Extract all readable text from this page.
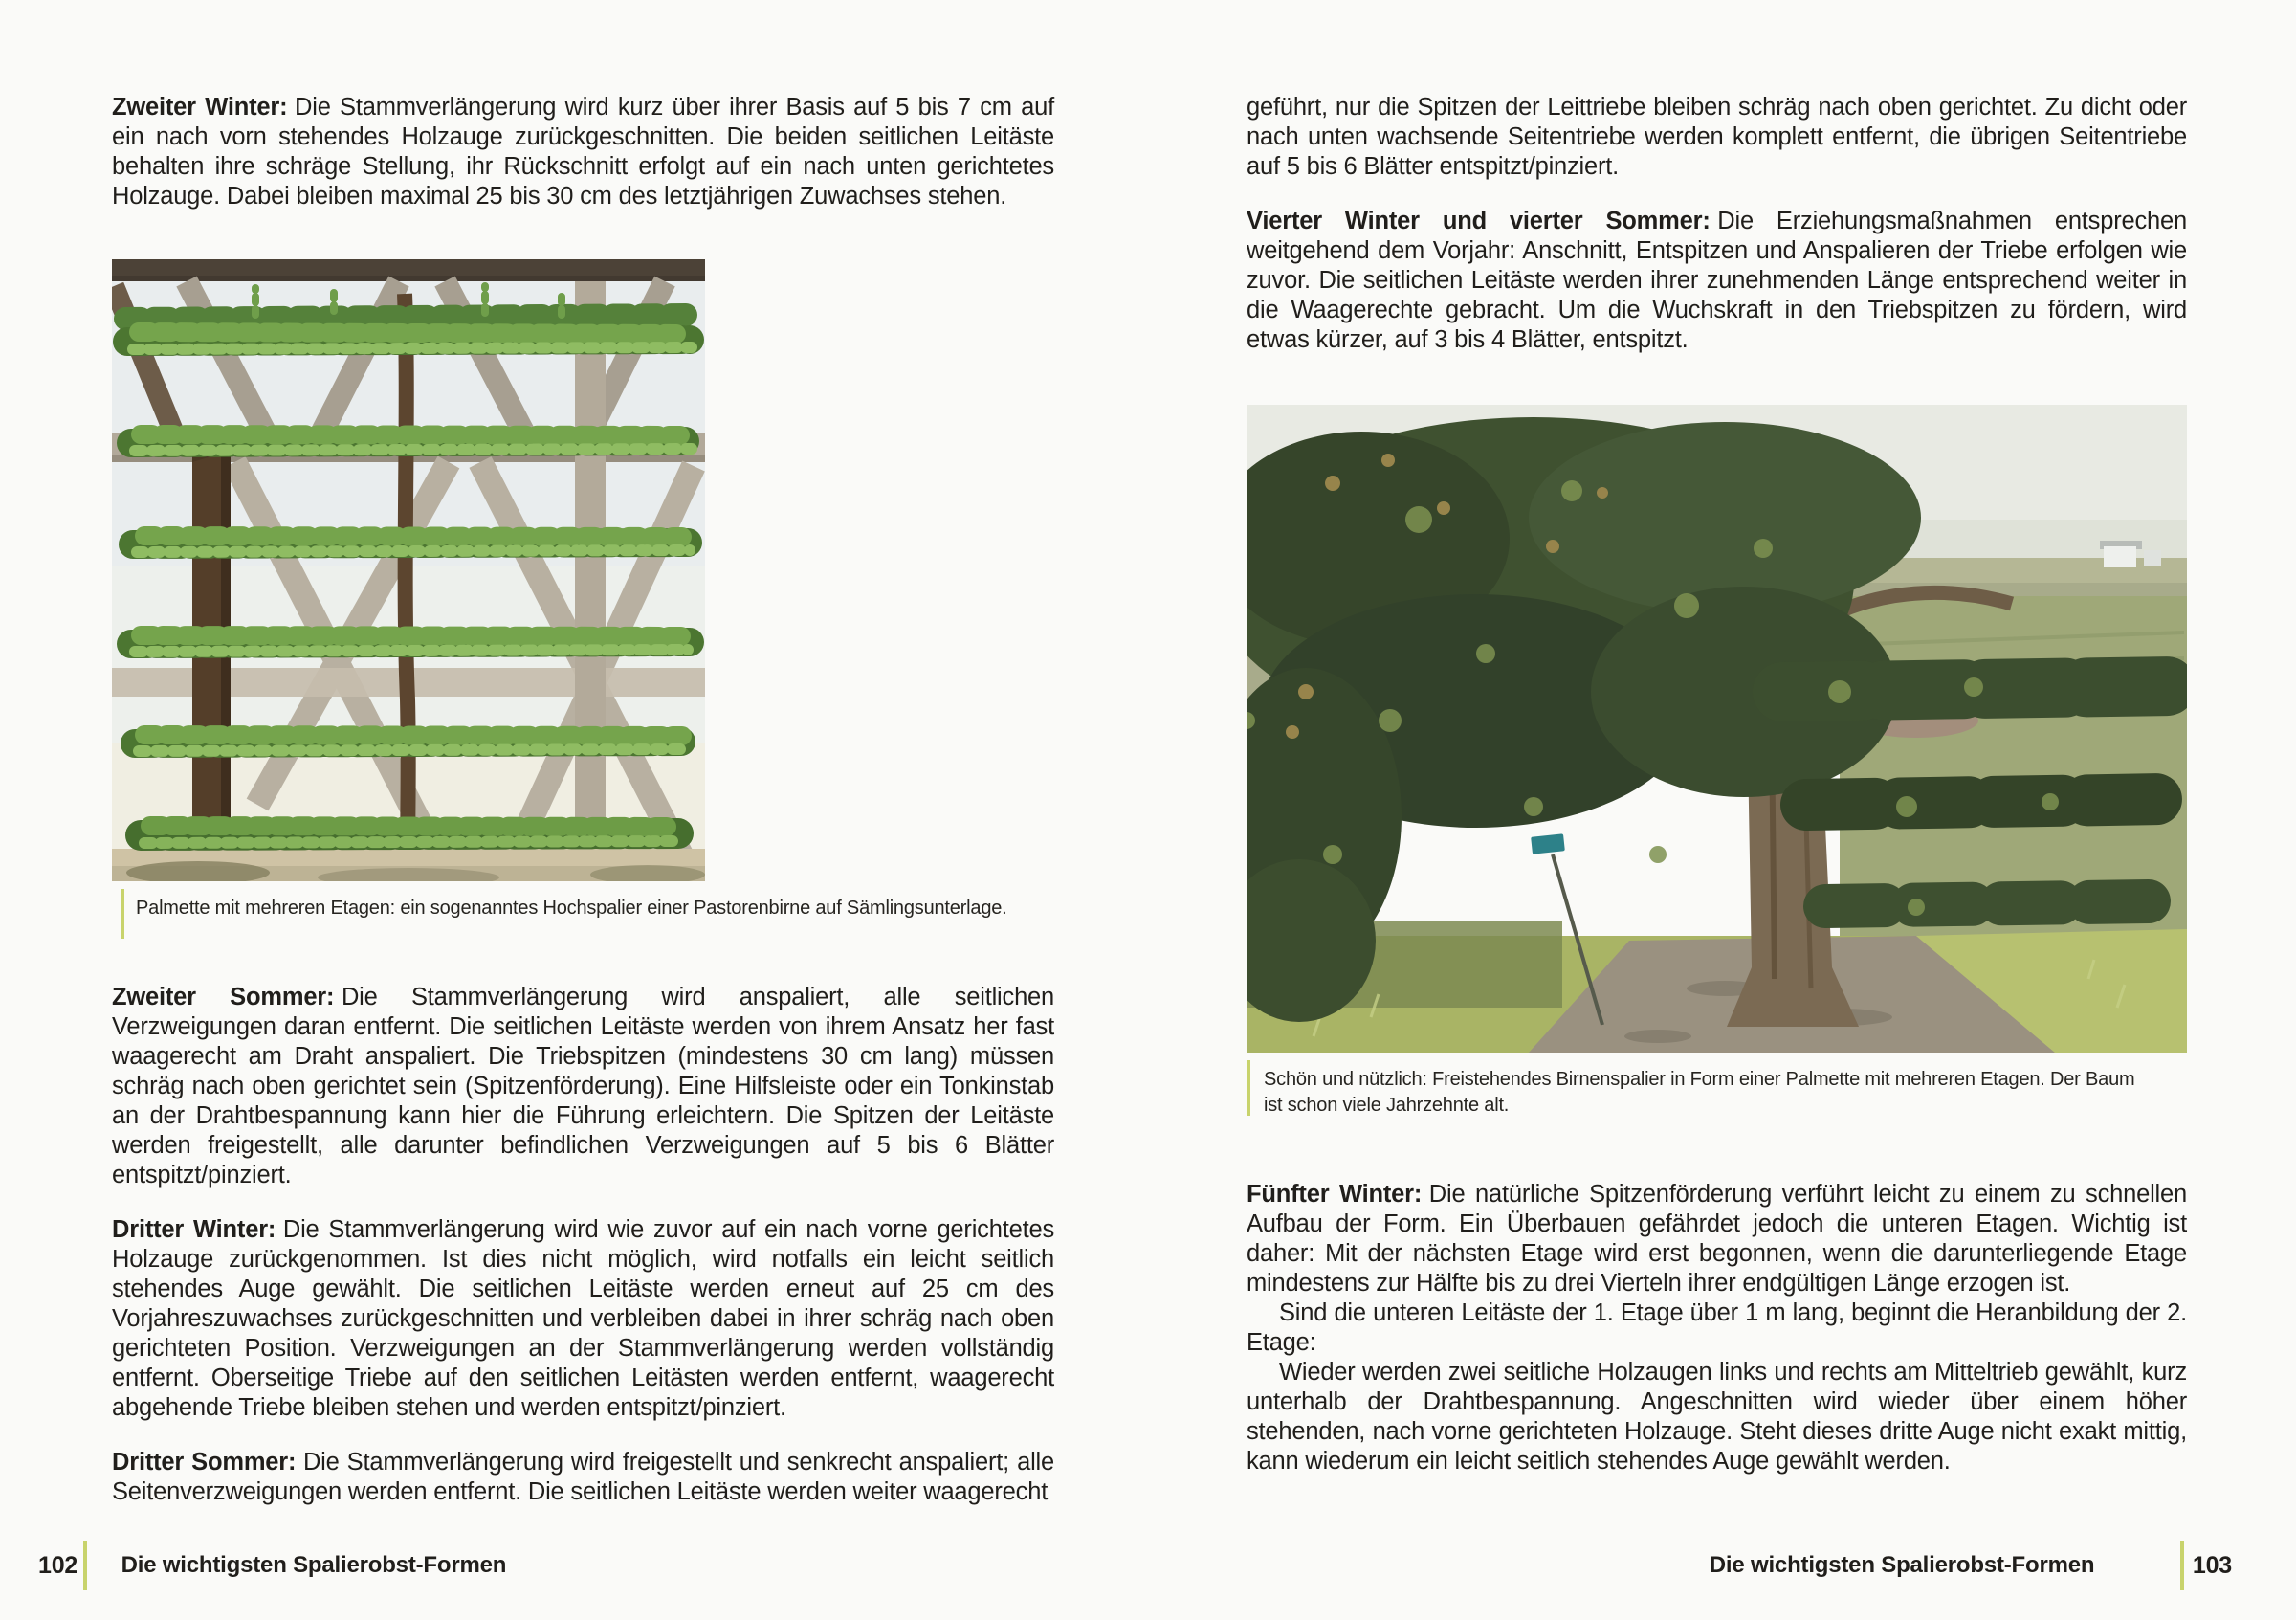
Zweiter Winter: Die Stammverlängerung wird kurz über ihrer Basis auf 5 bis 7 cm auf ein nach vorn stehendes Holzauge zurückgeschnitten. Die beiden seitlichen Leitäste behalten ihre schräge Stellung, ihr Rückschnitt erfolgt auf ein nach unten gerichtetes Holzauge. Dabei bleiben maximal 25 bis 30 cm des letztjährigen Zuwachses stehen.

Palmette mit mehreren Etagen: ein sogenanntes Hochspalier einer Pastorenbirne auf Sämlingsunterlage.

Zweiter Sommer: Die Stammverlängerung wird anspaliert, alle seitlichen Verzweigungen daran entfernt. Die seitlichen Leitäste werden von ihrem Ansatz her fast waagerecht am Draht anspaliert. Die Triebspitzen (mindestens 30 cm lang) müssen schräg nach oben gerichtet sein (Spitzenförderung). Eine Hilfsleiste oder ein Tonkinstab an der Drahtbespannung kann hier die Führung erleichtern. Die Spitzen der Leitäste werden freigestellt, alle darunter befindlichen Verzweigungen auf 5 bis 6 Blätter entspitzt/pinziert.

Dritter Winter: Die Stammverlängerung wird wie zuvor auf ein nach vorne gerichtetes Holzauge zurückgenommen. Ist dies nicht möglich, wird notfalls ein leicht seitlich stehendes Auge gewählt. Die seitlichen Leitäste werden erneut auf 25 cm des Vorjahreszuwachses zurückgeschnitten und verbleiben dabei in ihrer schräg nach oben gerichteten Position. Verzweigungen an der Stammverlängerung werden vollständig entfernt. Oberseitige Triebe auf den seitlichen Leitästen werden entfernt, waagerecht abgehende Triebe bleiben stehen und werden entspitzt/pinziert.

Dritter Sommer: Die Stammverlängerung wird freigestellt und senkrecht anspaliert; alle Seitenverzweigungen werden entfernt. Die seitlichen Leitäste werden weiter waagerecht

geführt, nur die Spitzen der Leittriebe bleiben schräg nach oben gerichtet. Zu dicht oder nach unten wachsende Seitentriebe werden komplett entfernt, die übrigen Seitentriebe auf 5 bis 6 Blätter entspitzt/pinziert.

Vierter Winter und vierter Sommer: Die Erziehungsmaßnahmen entsprechen weitgehend dem Vorjahr: Anschnitt, Entspitzen und Anspalieren der Triebe erfolgen wie zuvor. Die seitlichen Leitäste werden ihrer zunehmenden Länge entsprechend weiter in die Waagerechte gebracht. Um die Wuchskraft in den Triebspitzen zu fördern, wird etwas kürzer, auf 3 bis 4 Blätter, entspitzt.

Schön und nützlich: Freistehendes Birnenspalier in Form einer Palmette mit mehreren Etagen. Der Baum ist schon viele Jahrzehnte alt.

Fünfter Winter: Die natürliche Spitzenförderung verführt leicht zu einem zu schnellen Aufbau der Form. Ein Überbauen gefährdet jedoch die unteren Etagen. Wichtig ist daher: Mit der nächsten Etage wird erst begonnen, wenn die darunterliegende Etage mindestens zur Hälfte bis zu drei Vierteln ihrer endgültigen Länge erzogen ist.

Sind die unteren Leitäste der 1. Etage über 1 m lang, beginnt die Heranbildung der 2. Etage:

Wieder werden zwei seitliche Holzaugen links und rechts am Mitteltrieb gewählt, kurz unterhalb der Drahtbespannung. Angeschnitten wird wieder über einem höher stehenden, nach vorne gerichteten Holzauge. Steht dieses dritte Auge nicht exakt mittig, kann wiederum ein leicht seitlich stehendes Auge gewählt werden.

102 Die wichtigsten Spalierobst-Formen	Die wichtigsten Spalierobst-Formen	103
